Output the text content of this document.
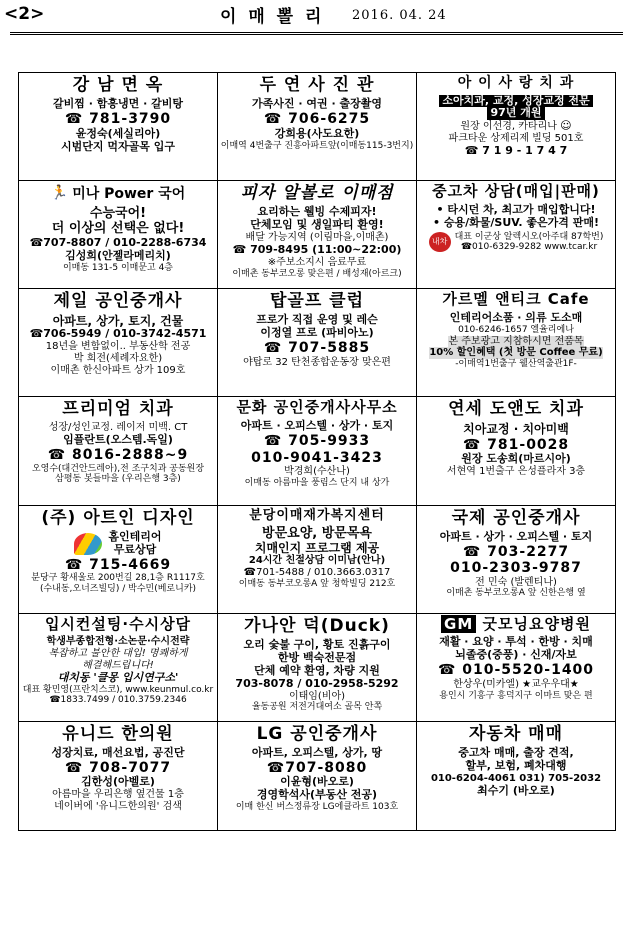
<2>	이 매 뽈 리 2016. 04. 24
강 남 면 옥
갈비찜 · 함흥냉면 · 갈비탕
☎ 781-3790
윤정숙(세실리아)
시범단지 먹자골목 입구
두 연 사 진 관
가족사진 · 여권 · 출장촬영
☎ 706-6275
강희용(사도요한)
이매역 4번출구 진흥아파트앞(이매동115-3번지)
아 이 사 랑 치 과
소아치과, 교정, 성장교정 전문
97년 개원
원장 이선경, 카타리나 ☺
파크타운 상제리제 빌딩 501호
☎ 7 1 9 - 1 7 4 7
🏃 미나 Power 국어
수능국어!
더 이상의 선택은 없다!
☎707-8807 / 010-2288-6734
김성희(안젤라메리치)
이매동 131-5 이매문고 4층
피자 알볼로 이매점
요리하는 웰빙 수제피자!
단체모임 및 생일파티 환영!
배달 가능지역 (이림마을,이매촌)
☎ 709-8495 (11:00~22:00)
※주보소지시 음료무료
이매촌 동부코오롱 맞은편 / 배성재(아르크)
중고차 상담(매입|판매)
• 타시던 차, 최고가 매입합니다!
• 승용/화물/SUV. 좋은가격 판매!
내차
대표 이군상 알렉시오(아주대 87학번)
☎010-6329-9282 www.tcar.kr
제일 공인중개사
아파트, 상가, 토지, 건물
☎706-5949 / 010-3742-4571
18년을 변함없이.. 부동산학 전공
박 희전(세례자요한)
이매촌 한신아파트 상가 109호
탑골프 클럽
프로가 직접 운영 및 레슨
이정열 프로 (파비아노)
☎ 707-5885
야탑로 32 탄천종합운동장 맞은편
가르멜 앤티크 Cafe
인테리어소품 · 의류 도소매
010-6246-1657 엘율리에나
본 주보광고 지참하시면 전품목
10% 할인혜택 (첫 방문 Coffee 무료)
-이매역1번출구 웰산역출관1F-
프리미엄 치과
성장/성인교정. 레이저 미백. CT
임플란트(오스템.독일)
☎ 8016-2888~9
오영수(대건안드레아),전 조구치과 공동원장
삼평동 봇들마을 (우리은행 3층)
문화 공인중개사사무소
아파트 · 오피스텔 · 상가 · 토지
☎ 705-9933
010-9041-3423
박경희(수산나)
이매동 아름마을 풍림스 단지 내 상가
연세 도앤도 치과
치아교정 · 치아미백
☎ 781-0028
원장 도송희(마르시아)
서현역 1번출구 은성플라자 3층
(주) 아트인 디자인
홈인테리어
무료상담
☎ 715-4669
분당구 황새울로 200번길 28,1층 R1117호
(수내동,오너즈빌딩) / 박수민(베로니카)
분당이매재가복지센터
방문요양, 방문목욕
치매인지 프로그램 제공
24시간 친절상담 이미남(안나)
☎701-5488 / 010.3663.0317
이매동 동부코오롱A 앞 청학빌딩 212호
국제 공인중개사
아파트 · 상가 · 오피스텔 · 토지
☎ 703-2277
010-2303-9787
전 민숙 (발렌티나)
이매촌 동부코오롱A 앞 신한은행 옆
입시컨설팅·수시상담
학생부종합전형·소논문·수시전략
복잡하고 불안한 대입! 명쾌하게
해결해드립니다!
대치동 '클몽 입시연구소'
대표 황민영(프란치스코), www.keunmul.co.kr
☎1833.7499 / 010.3759.2346
가나안 덕(Duck)
오리 숯불 구이, 황토 진흙구이
한방 백숙전문점
단체 예약 환영, 차량 지원
703-8078 / 010-2958-5292
이태임(비아)
율동공원 저전거대여소 골목 안쪽
GM 굿모닝요양병원
재활 · 요양 · 투석 · 한방 · 치매
뇌졸중(중풍) · 신재/자보
☎ 010-5520-1400
한상우(미카엘) ★교우우대★
용인시 기흥구 흥덕지구 이마트 맞은 편
유니드 한의원
성장치료, 매선요법, 공진단
☎ 708-7077
김한성(아벨로)
아름마을 우리은행 옆건물 1층
네이버에 '유니드한의원' 검색
LG 공인중개사
아파트, 오피스텔, 상가, 땅
☎707-8080
이윤형(바오로)
경영학석사(부동산 전공)
이매 한신 버스정류장 LG에클라트 103호
자동차 매매
중고차 매매, 출장 견적,
할부, 보험, 폐차대행
010-6204-4061 031) 705-2032
최수기 (바오로)
